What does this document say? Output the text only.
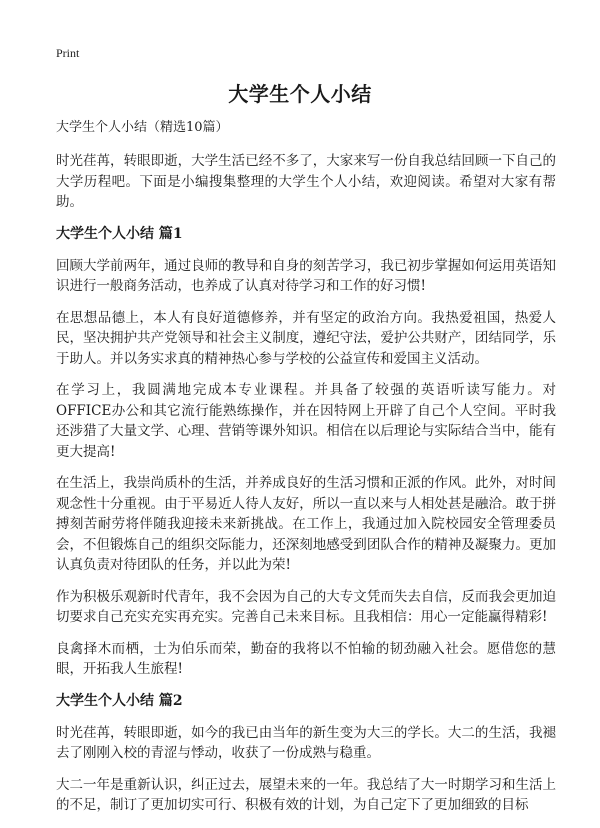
Print
大学生个人小结

大学生个人小结（精选10篇）

时光荏苒，转眼即逝，大学生活已经不多了，大家来写一份自我总结回顾一下自己的大学历程吧。下面是小编搜集整理的大学生个人小结，欢迎阅读。希望对大家有帮助。

大学生个人小结 篇1

回顾大学前两年，通过良师的教导和自身的刻苦学习，我已初步掌握如何运用英语知识进行一般商务活动，也养成了认真对待学习和工作的好习惯!

在思想品德上，本人有良好道德修养，并有坚定的政治方向。我热爱祖国，热爱人民，坚决拥护共产党领导和社会主义制度，遵纪守法，爱护公共财产，团结同学，乐于助人。并以务实求真的精神热心参与学校的公益宣传和爱国主义活动。

在学习上，我圆满地完成本专业课程。并具备了较强的英语听读写能力。对OFFICE办公和其它流行能熟练操作，并在因特网上开辟了自己个人空间。平时我还涉猎了大量文学、心理、营销等课外知识。相信在以后理论与实际结合当中，能有更大提高!

在生活上，我崇尚质朴的生活，并养成良好的生活习惯和正派的作风。此外，对时间观念性十分重视。由于平易近人待人友好，所以一直以来与人相处甚是融洽。敢于拼搏刻苦耐劳将伴随我迎接未来新挑战。在工作上，我通过加入院校园安全管理委员会，不但锻炼自己的组织交际能力，还深刻地感受到团队合作的精神及凝聚力。更加认真负责对待团队的任务，并以此为荣!

作为积极乐观新时代青年，我不会因为自己的大专文凭而失去自信，反而我会更加迫切要求自己充实充实再充实。完善自己未来目标。且我相信：用心一定能赢得精彩!

良禽择木而栖，士为伯乐而荣，勤奋的我将以不怕输的韧劲融入社会。愿借您的慧眼，开拓我人生旅程!

大学生个人小结 篇2

时光荏苒，转眼即逝，如今的我已由当年的新生变为大三的学长。大二的生活，我褪去了刚刚入校的青涩与悸动，收获了一份成熟与稳重。

大二一年是重新认识，纠正过去，展望未来的一年。我总结了大一时期学习和生活上的不足，制订了更加切实可行、积极有效的计划，为自己定下了更加细致的目标
